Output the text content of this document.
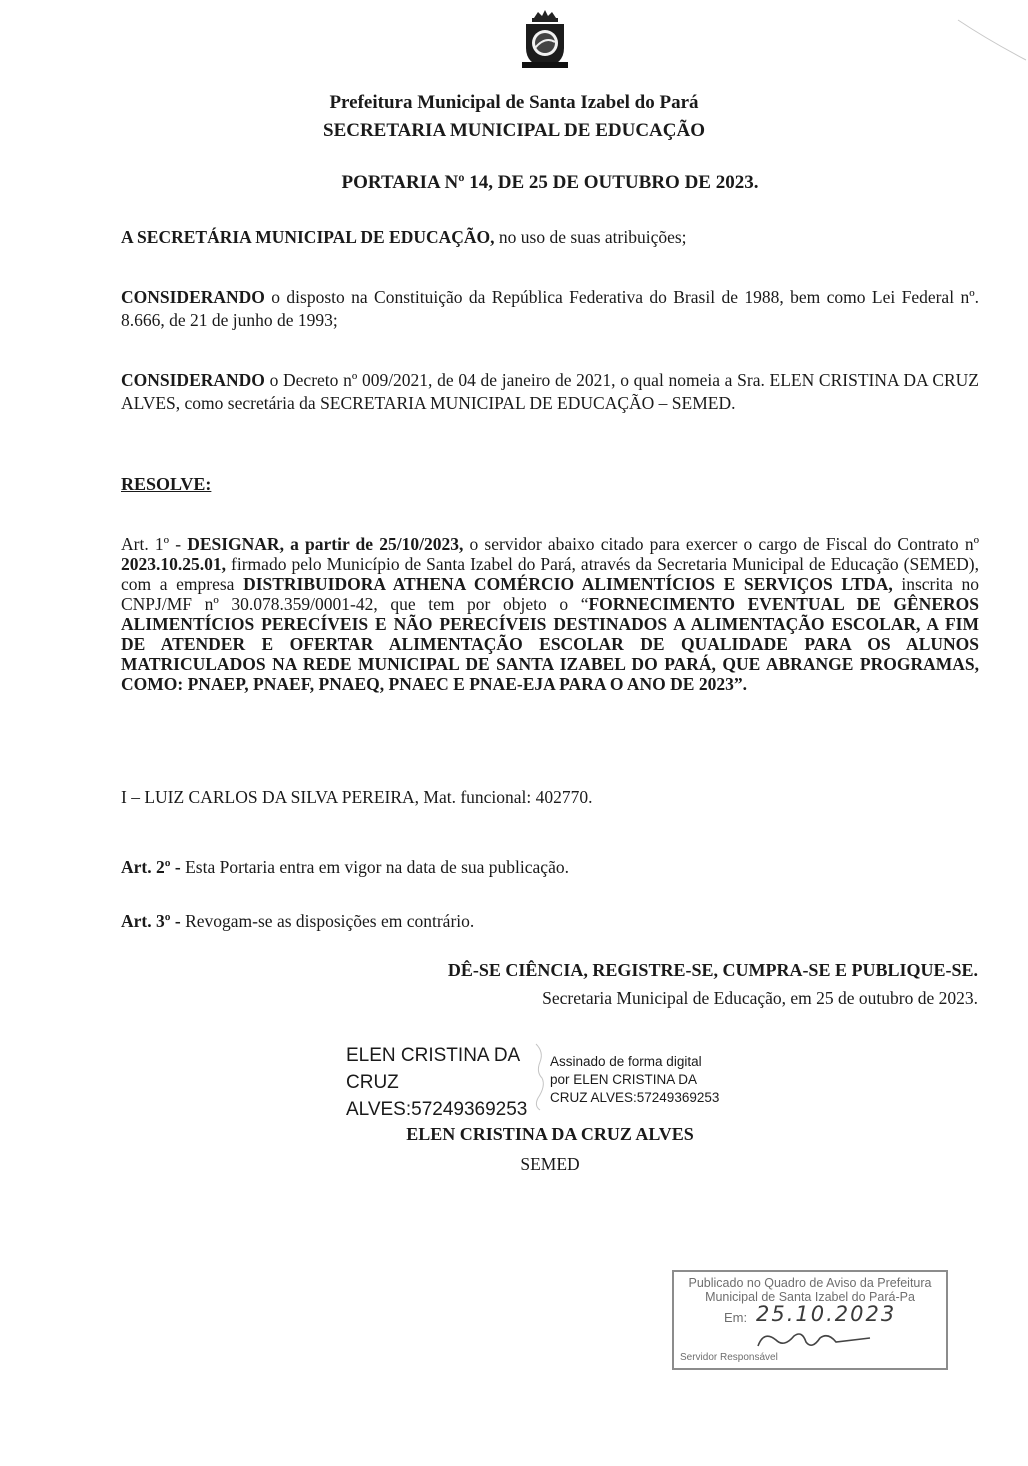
Prefeitura Municipal de Santa Izabel do Pará
SECRETARIA MUNICIPAL DE EDUCAÇÃO
PORTARIA Nº 14, DE 25 DE OUTUBRO DE 2023.
A SECRETÁRIA MUNICIPAL DE EDUCAÇÃO, no uso de suas atribuições;
CONSIDERANDO o disposto na Constituição da República Federativa do Brasil de 1988, bem como Lei Federal nº. 8.666, de 21 de junho de 1993;
CONSIDERANDO o Decreto nº 009/2021, de 04 de janeiro de 2021, o qual nomeia a Sra. ELEN CRISTINA DA CRUZ ALVES, como secretária da SECRETARIA MUNICIPAL DE EDUCAÇÃO – SEMED.
RESOLVE:
Art. 1º - DESIGNAR, a partir de 25/10/2023, o servidor abaixo citado para exercer o cargo de Fiscal do Contrato nº 2023.10.25.01, firmado pelo Município de Santa Izabel do Pará, através da Secretaria Municipal de Educação (SEMED), com a empresa DISTRIBUIDORA ATHENA COMÉRCIO ALIMENTÍCIOS E SERVIÇOS LTDA, inscrita no CNPJ/MF nº 30.078.359/0001-42, que tem por objeto o “FORNECIMENTO EVENTUAL DE GÊNEROS ALIMENTÍCIOS PERECÍVEIS E NÃO PERECÍVEIS DESTINADOS A ALIMENTAÇÃO ESCOLAR, A FIM DE ATENDER E OFERTAR ALIMENTAÇÃO ESCOLAR DE QUALIDADE PARA OS ALUNOS MATRICULADOS NA REDE MUNICIPAL DE SANTA IZABEL DO PARÁ, QUE ABRANGE PROGRAMAS, COMO: PNAEP, PNAEF, PNAEQ, PNAEC E PNAE-EJA PARA O ANO DE 2023”.
I – LUIZ CARLOS DA SILVA PEREIRA, Mat. funcional: 402770.
Art. 2º - Esta Portaria entra em vigor na data de sua publicação.
Art. 3º - Revogam-se as disposições em contrário.
DÊ-SE CIÊNCIA, REGISTRE-SE, CUMPRA-SE E PUBLIQUE-SE.
Secretaria Municipal de Educação, em 25 de outubro de 2023.
ELEN CRISTINA DA
CRUZ
ALVES:57249369253
Assinado de forma digital
por ELEN CRISTINA DA
CRUZ ALVES:57249369253
ELEN CRISTINA DA CRUZ ALVES
SEMED
Publicado no Quadro de Aviso da Prefeitura
Municipal de Santa Izabel do Pará-Pa
Em: 25.10.2023
Servidor Responsável
